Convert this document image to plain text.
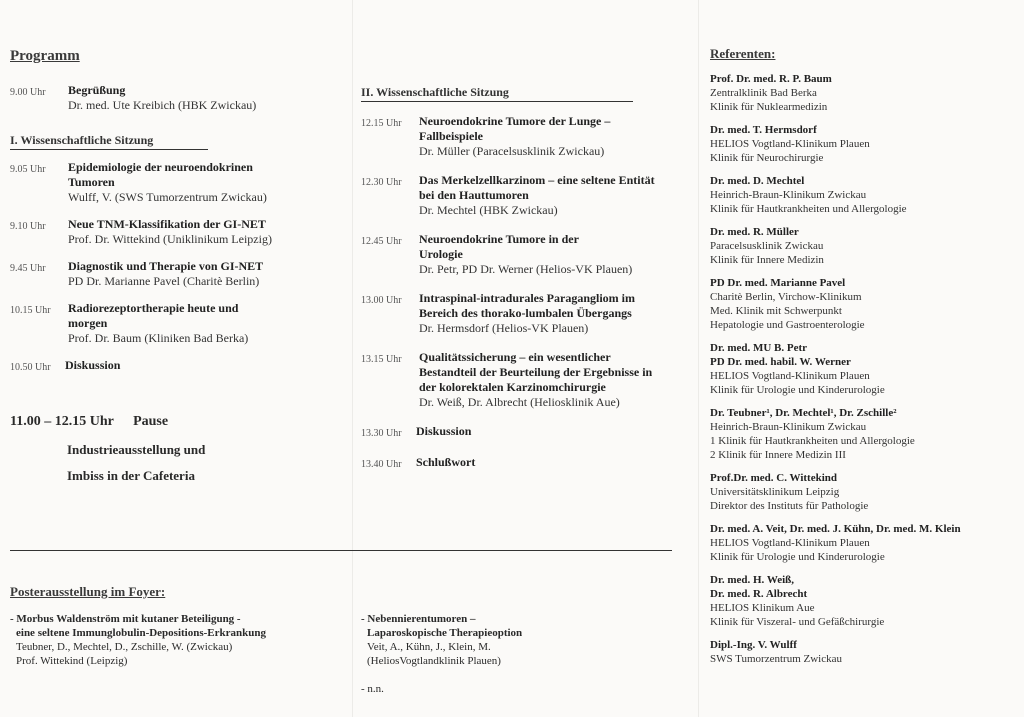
Programm
9.00 Uhr	Begrüßung
Dr. med. Ute Kreibich (HBK Zwickau)
I. Wissenschaftliche Sitzung
9.05 Uhr	Epidemiologie der neuroendokrinen Tumoren
Wulff, V. (SWS Tumorzentrum Zwickau)
9.10 Uhr	Neue TNM-Klassifikation der GI-NET
Prof. Dr. Wittekind (Uniklinikum Leipzig)
9.45 Uhr	Diagnostik und Therapie von GI-NET
PD Dr. Marianne Pavel (Charitè Berlin)
10.15 Uhr	Radiorezeptortherapie heute und morgen
Prof. Dr. Baum (Kliniken Bad Berka)
10.50 Uhr	Diskussion
11.00 – 12.15 Uhr Pause
Industrieausstellung und
Imbiss in der Cafeteria
II. Wissenschaftliche Sitzung
12.15 Uhr	Neuroendokrine Tumore der Lunge – Fallbeispiele
Dr. Müller (Paracelsusklinik Zwickau)
12.30 Uhr	Das Merkelzellkarzinom – eine seltene Entität bei den Hauttumoren
Dr. Mechtel (HBK Zwickau)
12.45 Uhr	Neuroendokrine Tumore in der Urologie
Dr. Petr, PD Dr. Werner (Helios-VK Plauen)
13.00 Uhr	Intraspinal-intradurales Paragangliom im Bereich des thorako-lumbalen Übergangs
Dr. Hermsdorf (Helios-VK Plauen)
13.15 Uhr	Qualitätssicherung – ein wesentlicher Bestandteil der Beurteilung der Ergebnisse in der kolorektalen Karzinomchirurgie
Dr. Weiß, Dr. Albrecht (Heliosklinik Aue)
13.30 Uhr	Diskussion
13.40 Uhr	Schlußwort
Posterausstellung im Foyer:
- Morbus Waldenström mit kutaner Beteiligung -
eine seltene Immunglobulin-Depositions-Erkrankung
Teubner, D., Mechtel, D., Zschille, W. (Zwickau)
Prof. Wittekind (Leipzig)
- Nebennierentumoren –
Laparoskopische Therapieoption
Veit, A., Kühn, J., Klein, M.
(HeliosVogtlandklinik Plauen)
- n.n.
Referenten:
Prof. Dr. med. R. P. Baum
Zentralklinik Bad Berka
Klinik für Nuklearmedizin
Dr. med. T. Hermsdorf
HELIOS Vogtland-Klinikum Plauen
Klinik für Neurochirurgie
Dr. med. D. Mechtel
Heinrich-Braun-Klinikum Zwickau
Klinik für Hautkrankheiten und Allergologie
Dr. med. R. Müller
Paracelsusklinik Zwickau
Klinik für Innere Medizin
PD Dr. med. Marianne Pavel
Charitè Berlin, Virchow-Klinikum
Med. Klinik mit Schwerpunkt
Hepatologie und Gastroenterologie
Dr. med. MU B. Petr
PD Dr. med. habil. W. Werner
HELIOS Vogtland-Klinikum Plauen
Klinik für Urologie und Kinderurologie
Dr. Teubner¹, Dr. Mechtel¹, Dr. Zschille²
Heinrich-Braun-Klinikum Zwickau
1 Klinik für Hautkrankheiten und Allergologie
2 Klinik für Innere Medizin III
Prof.Dr. med. C. Wittekind
Universitätsklinikum Leipzig
Direktor des Instituts für Pathologie
Dr. med. A. Veit, Dr. med. J. Kühn, Dr. med. M. Klein
HELIOS Vogtland-Klinikum Plauen
Klinik für Urologie und Kinderurologie
Dr. med. H. Weiß,
Dr. med. R. Albrecht
HELIOS Klinikum Aue
Klinik für Viszeral- und Gefäßchirurgie
Dipl.-Ing. V. Wulff
SWS Tumorzentrum Zwickau
